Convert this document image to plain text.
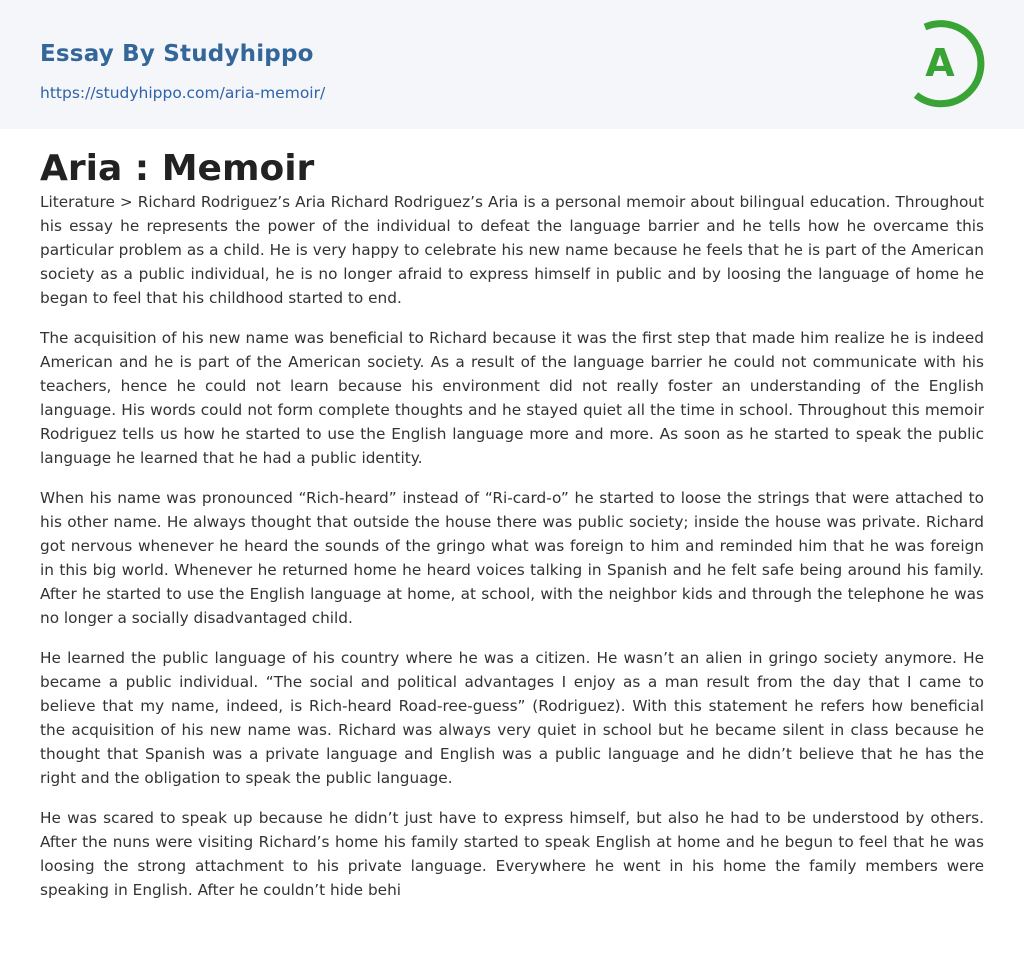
Essay By Studyhippo
https://studyhippo.com/aria-memoir/
A
Aria : Memoir

Literature > Richard Rodriguez’s Aria Richard Rodriguez’s Aria is a personal memoir about bilingual education. Throughout his essay he represents the power of the individual to defeat the language barrier and he tells how he overcame this particular problem as a child. He is very happy to celebrate his new name because he feels that he is part of the American society as a public individual, he is no longer afraid to express himself in public and by loosing the language of home he began to feel that his childhood started to end.

The acquisition of his new name was beneficial to Richard because it was the first step that made him realize he is indeed American and he is part of the American society. As a result of the language barrier he could not communicate with his teachers, hence he could not learn because his environment did not really foster an understanding of the English language. His words could not form complete thoughts and he stayed quiet all the time in school. Throughout this memoir Rodriguez tells us how he started to use the English language more and more. As soon as he started to speak the public language he learned that he had a public identity.

When his name was pronounced “Rich-heard” instead of “Ri-card-o” he started to loose the strings that were attached to his other name. He always thought that outside the house there was public society; inside the house was private. Richard got nervous whenever he heard the sounds of the gringo what was foreign to him and reminded him that he was foreign in this big world. Whenever he returned home he heard voices talking in Spanish and he felt safe being around his family. After he started to use the English language at home, at school, with the neighbor kids and through the telephone he was no longer a socially disadvantaged child.

He learned the public language of his country where he was a citizen. He wasn’t an alien in gringo society anymore. He became a public individual. “The social and political advantages I enjoy as a man result from the day that I came to believe that my name, indeed, is Rich-heard Road-ree-guess” (Rodriguez). With this statement he refers how beneficial the acquisition of his new name was. Richard was always very quiet in school but he became silent in class because he thought that Spanish was a private language and English was a public language and he didn’t believe that he has the right and the obligation to speak the public language.

He was scared to speak up because he didn’t just have to express himself, but also he had to be understood by others. After the nuns were visiting Richard’s home his family started to speak English at home and he begun to feel that he was loosing the strong attachment to his private language. Everywhere he went in his home the family members were speaking in English. After he couldn’t hide behi
